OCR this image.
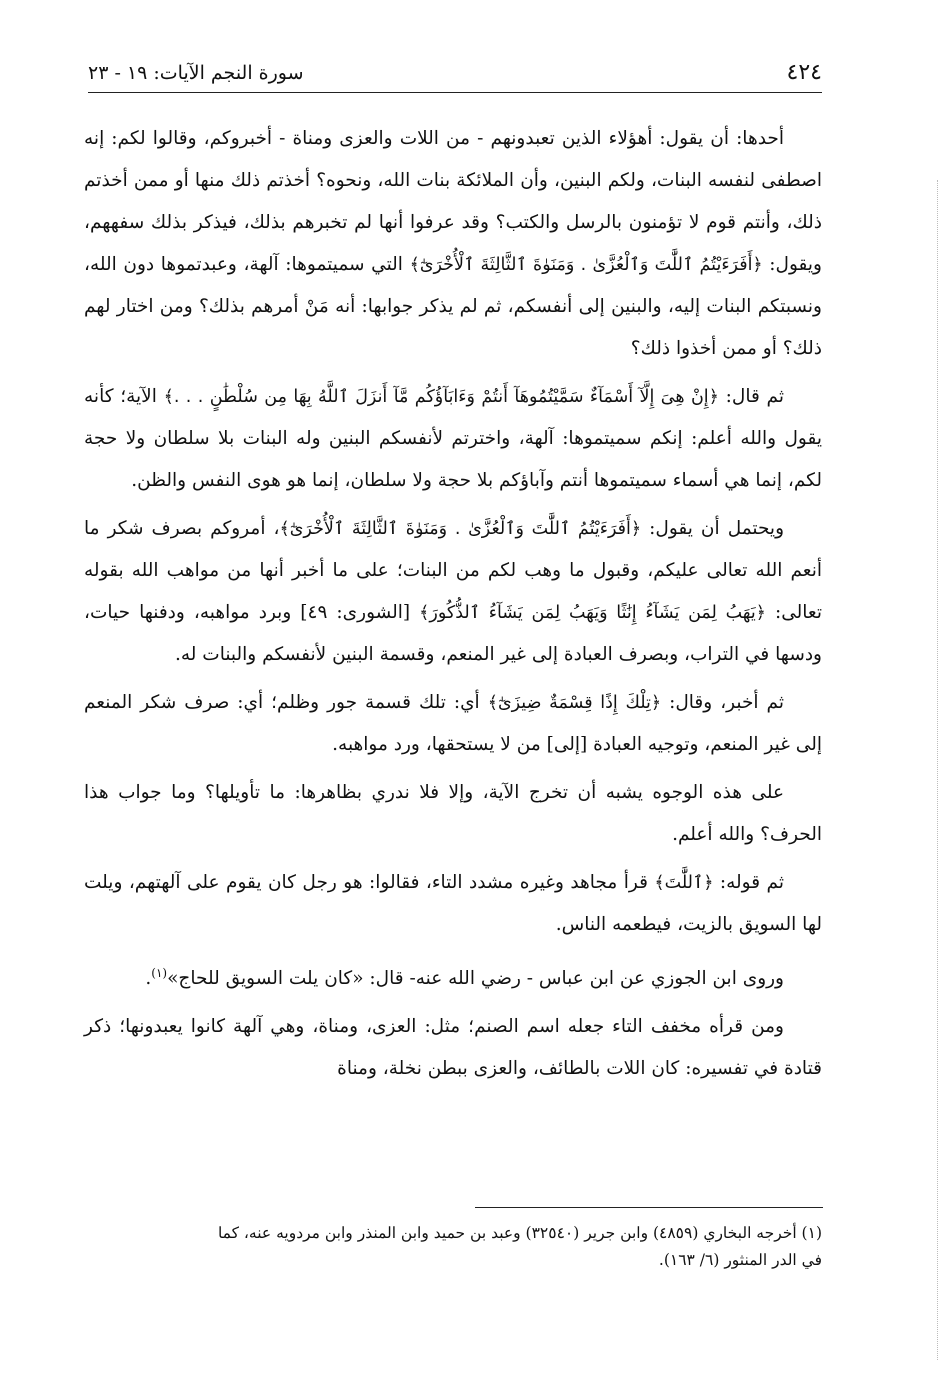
٤٢٤
سورة النجم الآيات: ١٩ - ٢٣

أحدها: أن يقول: أهؤلاء الذين تعبدونهم - من اللات والعزى ومناة - أخبروكم، وقالوا لكم: إنه اصطفى لنفسه البنات، ولكم البنين، وأن الملائكة بنات الله، ونحوه؟ أخذتم ذلك منها أو ممن أخذتم ذلك، وأنتم قوم لا تؤمنون بالرسل والكتب؟ وقد عرفوا أنها لم تخبرهم بذلك، فيذكر بذلك سفههم، ويقول: ﴿أَفَرَءَيْتُمُ ٱللَّٰتَ وَٱلْعُزَّىٰ . وَمَنَوٰةَ ٱلثَّالِثَةَ ٱلْأُخْرَىٰٓ﴾ التي سميتموها: آلهة، وعبدتموها دون الله، ونسبتكم البنات إليه، والبنين إلى أنفسكم، ثم لم يذكر جوابها: أنه مَنْ أمرهم بذلك؟ ومن اختار لهم ذلك؟ أو ممن أخذوا ذلك؟

ثم قال: ﴿إِنْ هِىَ إِلَّآ أَسْمَآءٌ سَمَّيْتُمُوهَآ أَنتُمْ وَءَابَآؤُكُم مَّآ أَنزَلَ ٱللَّهُ بِهَا مِن سُلْطَٰنٍ . . .﴾ الآية؛ كأنه يقول والله أعلم: إنكم سميتموها: آلهة، واخترتم لأنفسكم البنين وله البنات بلا سلطان ولا حجة لكم، إنما هي أسماء سميتموها أنتم وآباؤكم بلا حجة ولا سلطان، إنما هو هوى النفس والظن.

ويحتمل أن يقول: ﴿أَفَرَءَيْتُمُ ٱللَّٰتَ وَٱلْعُزَّىٰ . وَمَنَوٰةَ ٱلثَّالِثَةَ ٱلْأُخْرَىٰٓ﴾، أمروكم بصرف شكر ما أنعم الله تعالى عليكم، وقبول ما وهب لكم من البنات؛ على ما أخبر أنها من مواهب الله بقوله تعالى: ﴿يَهَبُ لِمَن يَشَآءُ إِنَٰثًا وَيَهَبُ لِمَن يَشَآءُ ٱلذُّكُورَ﴾ [الشورى: ٤٩] وبرد مواهبه، ودفنها حيات، ودسها في التراب، وبصرف العبادة إلى غير المنعم، وقسمة البنين لأنفسكم والبنات له.

ثم أخبر، وقال: ﴿تِلْكَ إِذًا قِسْمَةٌ ضِيزَىٰٓ﴾ أي: تلك قسمة جور وظلم؛ أي: صرف شكر المنعم إلى غير المنعم، وتوجيه العبادة [إلى] من لا يستحقها، ورد مواهبه.

على هذه الوجوه يشبه أن تخرج الآية، وإلا فلا ندري بظاهرها: ما تأويلها؟ وما جواب هذا الحرف؟ والله أعلم.

ثم قوله: ﴿ٱللَّٰتَ﴾ قرأ مجاهد وغيره مشدد التاء، فقالوا: هو رجل كان يقوم على آلهتهم، ويلت لها السويق بالزيت، فيطعمه الناس.

وروى ابن الجوزي عن ابن عباس - رضي الله عنه- قال: «كان يلت السويق للحاج»$^{(١)}$.

ومن قرأه مخفف التاء جعله اسم الصنم؛ مثل: العزى، ومناة، وهي آلهة كانوا يعبدونها؛ ذكر قتادة في تفسيره: كان اللات بالطائف، والعزى ببطن نخلة، ومناة

(١) أخرجه البخاري (٤٨٥٩) وابن جرير (٣٢٥٤٠) وعبد بن حميد وابن المنذر وابن مردويه عنه، كما

في الدر المنثور (٦/ ١٦٣).
